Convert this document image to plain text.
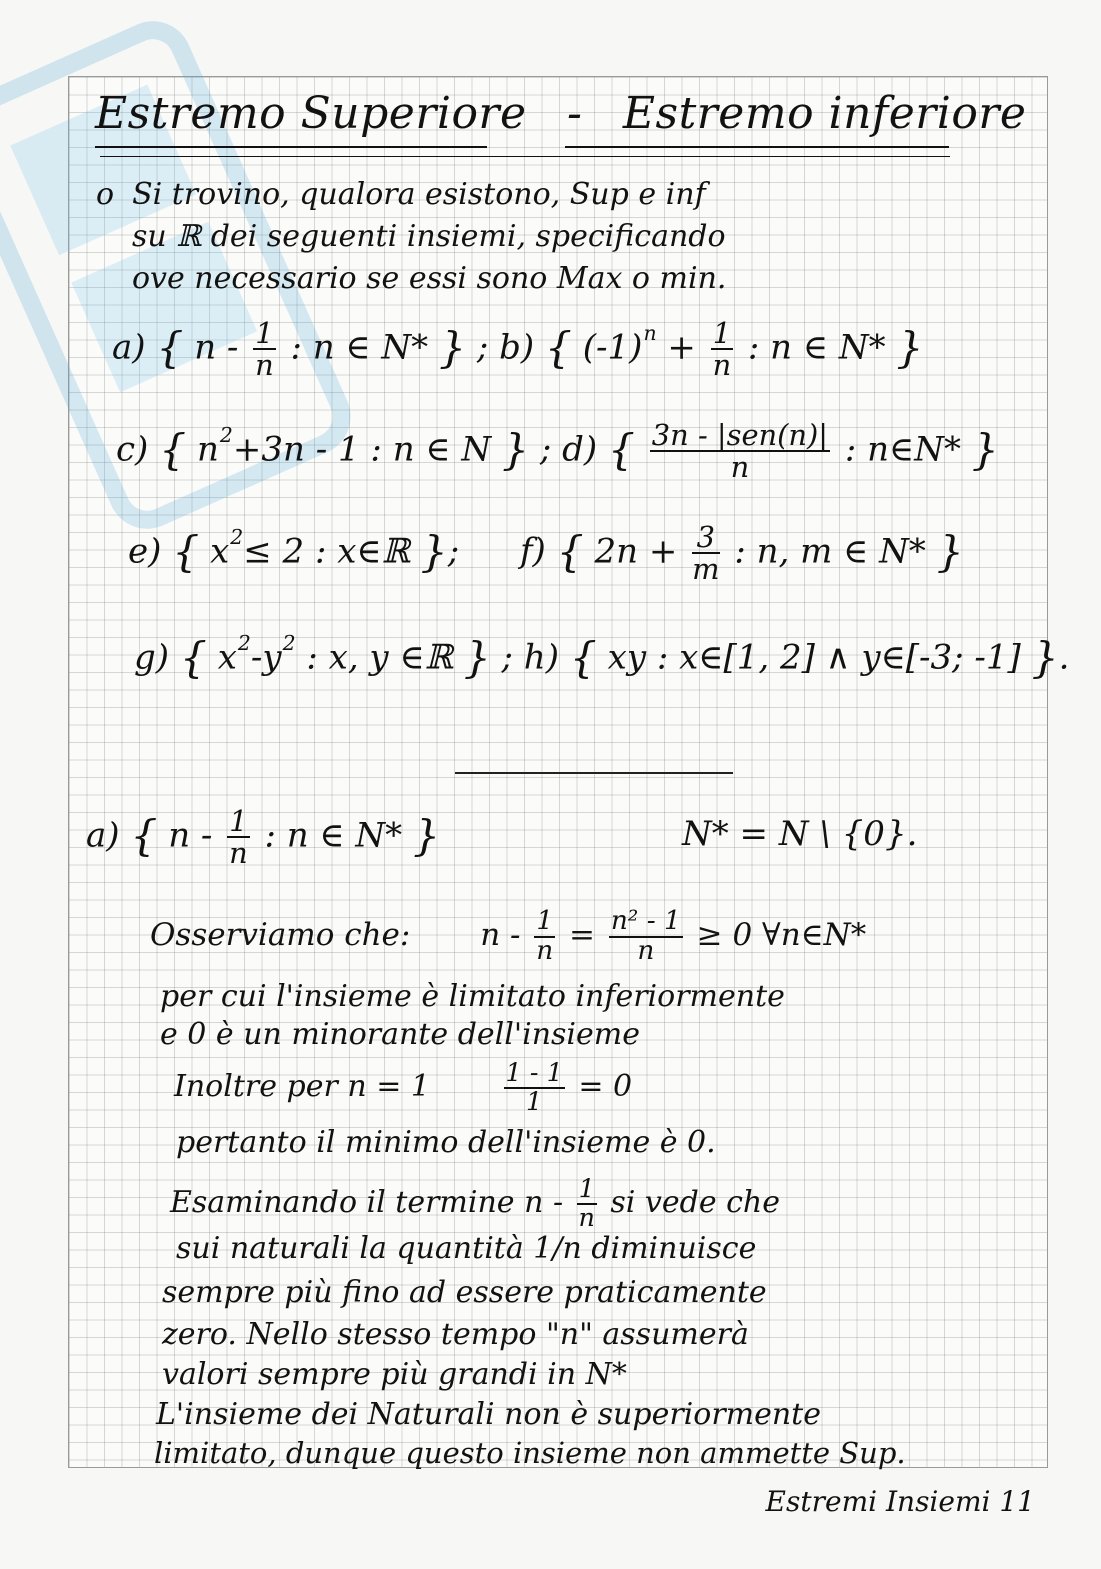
Estremo Superiore - Estremo inferiore
o Si trovino, qualora esistono, Sup e inf
su ℝ dei seguenti insiemi, specificando
ove necessario se essi sono Max o min.
a) { n - $\frac{1}{n}$ : n ∈ N* } ; b) { $(-1)^n + \frac{1}{n}$ : n ∈ N* }
c) { $n^2+3n - 1$ : n ∈ N } ; d) { $\frac{\text{3n - |sen(n)|}}{n}$ : n∈N* }
e) { $x^2\le 2$ : x∈ℝ }; f) { $2n + \frac{3}{m}$ : n, m ∈ N* }
g) { $x^2-y^2$ : x, y ∈ℝ } ; h) { xy : x∈[1, 2] ∧ y∈[-3; -1] }.
a) { n - $\frac{1}{n}$ : n ∈ N* }	N* = N \ {0}.
Osserviamo che: $n - \frac{1}{n} = \frac{\text{n² - 1}}{n} \ge 0$ ∀n∈N*
per cui l'insieme è limitato inferiormente
e 0 è un minorante dell'insieme
Inoltre per n = 1	$\frac{1 - 1}{1} = 0$
pertanto il minimo dell'insieme è 0.
Esaminando il termine n - $\frac{1}{n}$ si vede che
sui naturali la quantità 1/n diminuisce
sempre più fino ad essere praticamente
zero. Nello stesso tempo "n" assumerà
valori sempre più grandi in N*
L'insieme dei Naturali non è superiormente
limitato, dunque questo insieme non ammette Sup.
Estremi Insiemi 11
